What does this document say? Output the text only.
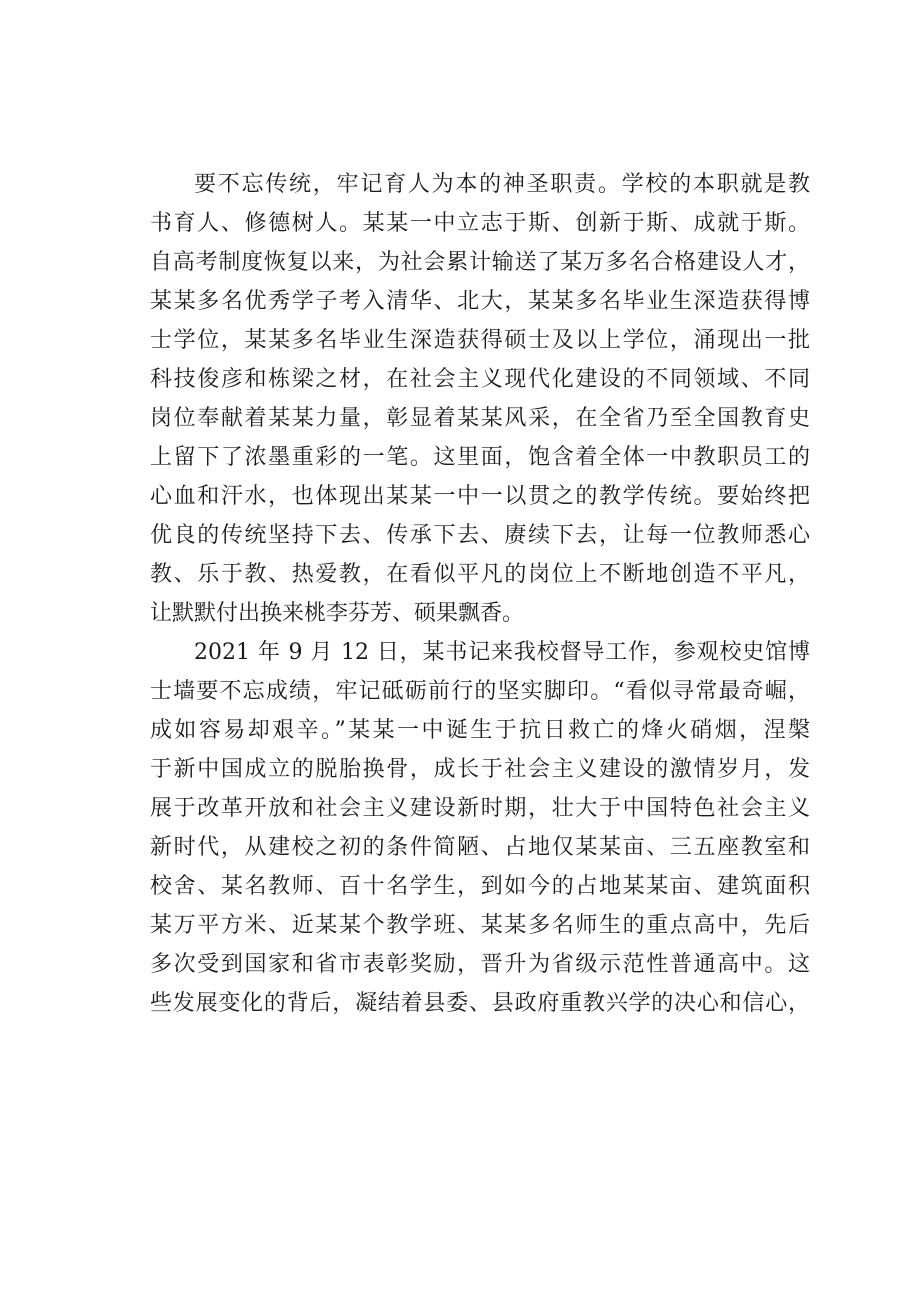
要不忘传统，牢记育人为本的神圣职责。学校的本职就是教
书育人、修德树人。某某一中立志于斯、创新于斯、成就于斯。
自高考制度恢复以来，为社会累计输送了某万多名合格建设人才，
某某多名优秀学子考入清华、北大，某某多名毕业生深造获得博
士学位，某某多名毕业生深造获得硕士及以上学位，涌现出一批
科技俊彦和栋梁之材，在社会主义现代化建设的不同领域、不同
岗位奉献着某某力量，彰显着某某风采，在全省乃至全国教育史
上留下了浓墨重彩的一笔。这里面，饱含着全体一中教职员工的
心血和汗水，也体现出某某一中一以贯之的教学传统。要始终把
优良的传统坚持下去、传承下去、赓续下去，让每一位教师悉心
教、乐于教、热爱教，在看似平凡的岗位上不断地创造不平凡，
让默默付出换来桃李芬芳、硕果飘香。
2021 年 9 月 12 日，某书记来我校督导工作，参观校史馆博
士墙要不忘成绩，牢记砥砺前行的坚实脚印。“看似寻常最奇崛，
成如容易却艰辛。”某某一中诞生于抗日救亡的烽火硝烟，涅槃
于新中国成立的脱胎换骨，成长于社会主义建设的激情岁月，发
展于改革开放和社会主义建设新时期，壮大于中国特色社会主义
新时代，从建校之初的条件简陋、占地仅某某亩、三五座教室和
校舍、某名教师、百十名学生，到如今的占地某某亩、建筑面积
某万平方米、近某某个教学班、某某多名师生的重点高中，先后
多次受到国家和省市表彰奖励，晋升为省级示范性普通高中。这
些发展变化的背后，凝结着县委、县政府重教兴学的决心和信心，
